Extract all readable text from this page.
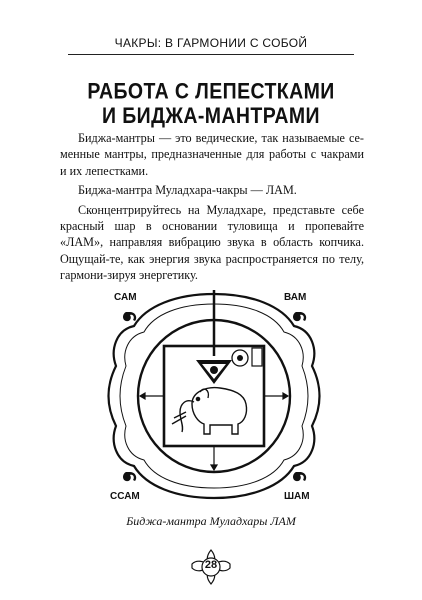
ЧАКРЫ: В ГАРМОНИИ С СОБОЙ
РАБОТА С ЛЕПЕСТКАМИ
И БИДЖА-МАНТРАМИ

Биджа-мантры — это ведические, так называемые се-менные мантры, предназначенные для работы с чакрами и их лепестками.

Биджа-мантра Муладхара-чакры — ЛАМ.

Сконцентрируйтесь на Муладхаре, представьте себе красный шар в основании туловища и пропевайте «ЛАМ», направляя вибрацию звука в область копчика. Ощущай-те, как энергия звука распространяется по телу, гармони-зируя энергетику.

САМ	ВАМ
ССАМ	ШАМ
Биджа-мантра Муладхары ЛАМ
28
